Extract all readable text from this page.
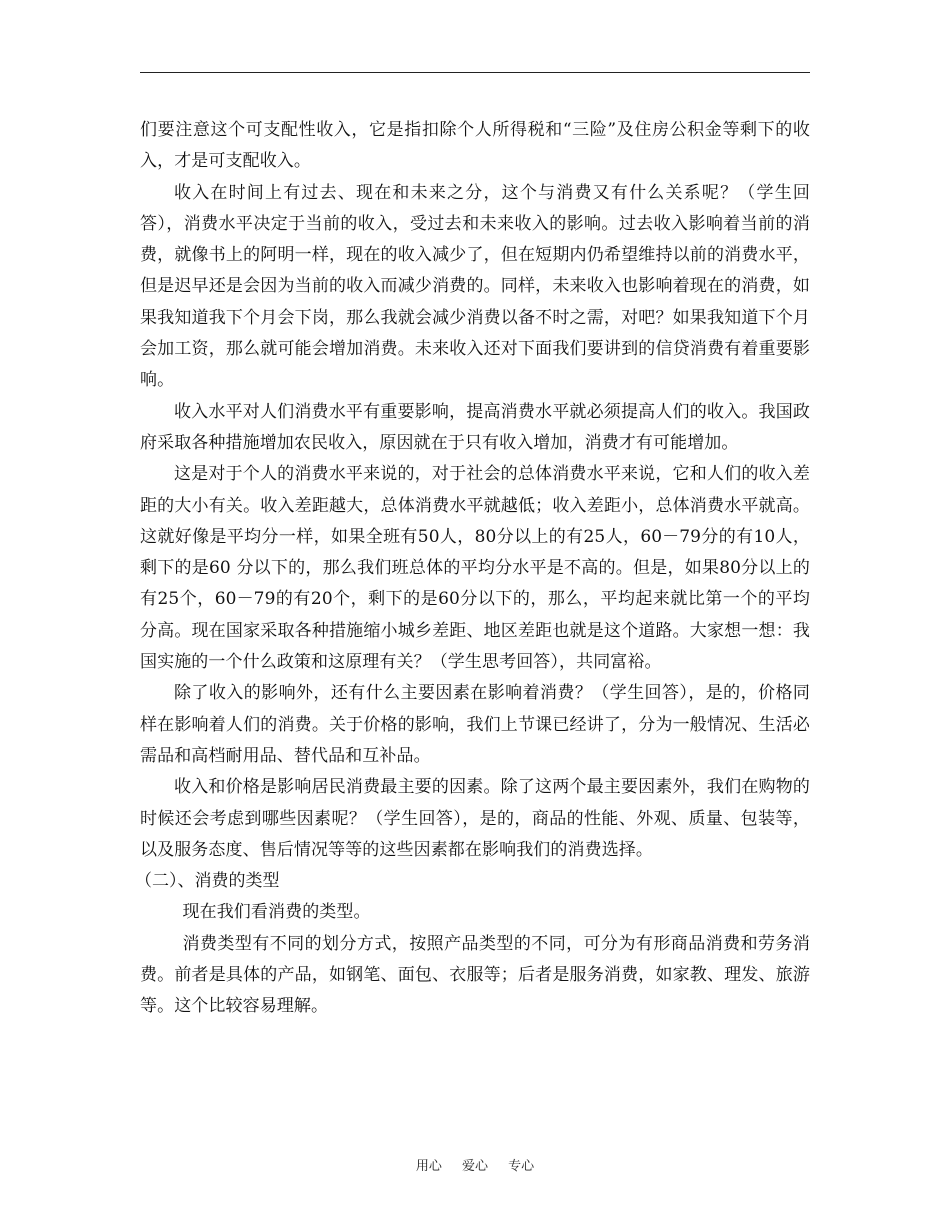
们要注意这个可支配性收入，它是指扣除个人所得税和“三险”及住房公积金等剩下的收入，才是可支配收入。

收入在时间上有过去、现在和未来之分，这个与消费又有什么关系呢？（学生回答），消费水平决定于当前的收入，受过去和未来收入的影响。过去收入影响着当前的消费，就像书上的阿明一样，现在的收入减少了，但在短期内仍希望维持以前的消费水平，但是迟早还是会因为当前的收入而减少消费的。同样，未来收入也影响着现在的消费，如果我知道我下个月会下岗，那么我就会减少消费以备不时之需，对吧？如果我知道下个月会加工资，那么就可能会增加消费。未来收入还对下面我们要讲到的信贷消费有着重要影响。

收入水平对人们消费水平有重要影响，提高消费水平就必须提高人们的收入。我国政府采取各种措施增加农民收入，原因就在于只有收入增加，消费才有可能增加。

这是对于个人的消费水平来说的，对于社会的总体消费水平来说，它和人们的收入差距的大小有关。收入差距越大，总体消费水平就越低；收入差距小，总体消费水平就高。这就好像是平均分一样，如果全班有50人，80分以上的有25人，60－79分的有10人，剩下的是60 分以下的，那么我们班总体的平均分水平是不高的。但是，如果80分以上的有25个，60－79的有20个，剩下的是60分以下的，那么，平均起来就比第一个的平均分高。现在国家采取各种措施缩小城乡差距、地区差距也就是这个道路。大家想一想：我国实施的一个什么政策和这原理有关？（学生思考回答），共同富裕。

除了收入的影响外，还有什么主要因素在影响着消费？（学生回答），是的，价格同样在影响着人们的消费。关于价格的影响，我们上节课已经讲了，分为一般情况、生活必需品和高档耐用品、替代品和互补品。

收入和价格是影响居民消费最主要的因素。除了这两个最主要因素外，我们在购物的时候还会考虑到哪些因素呢？（学生回答），是的，商品的性能、外观、质量、包装等，以及服务态度、售后情况等等的这些因素都在影响我们的消费选择。

（二）、消费的类型

现在我们看消费的类型。

消费类型有不同的划分方式，按照产品类型的不同，可分为有形商品消费和劳务消费。前者是具体的产品，如钢笔、面包、衣服等；后者是服务消费，如家教、理发、旅游等。这个比较容易理解。

用心 爱心 专心
